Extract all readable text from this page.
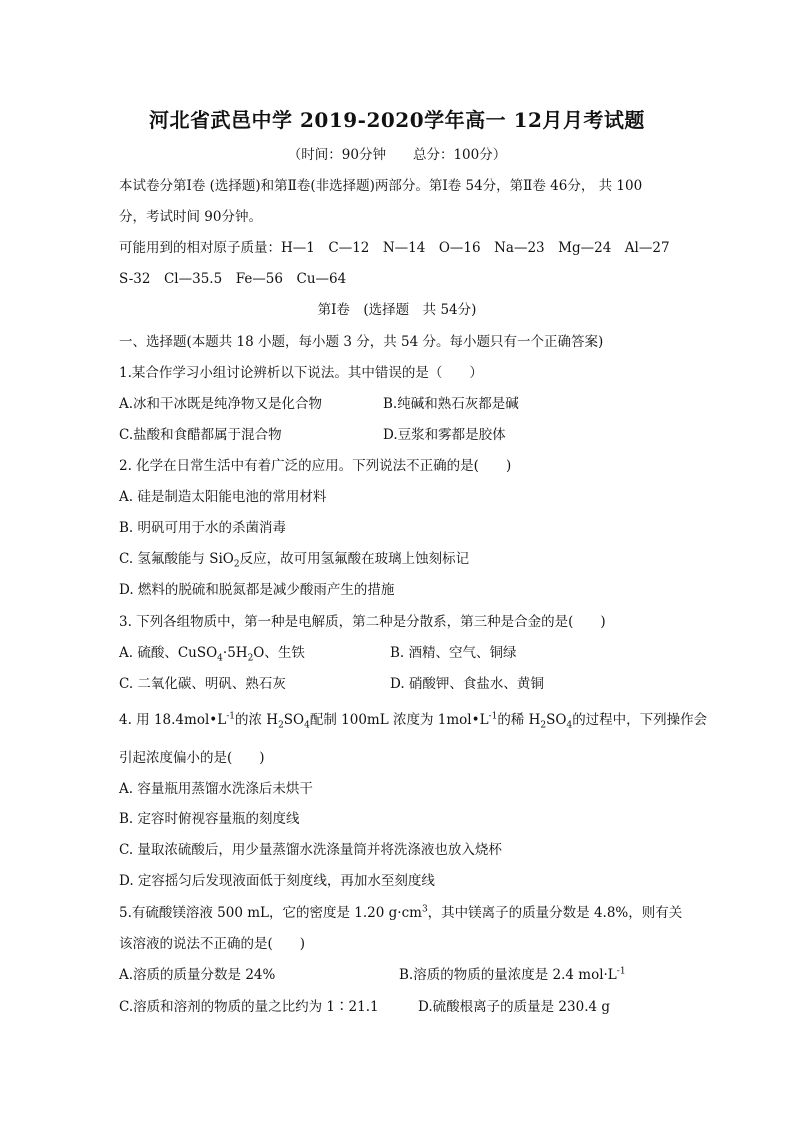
河北省武邑中学 2019-2020学年高一 12月月考试题
（时间：90分钟　　总分：100分）
本试卷分第Ⅰ卷 (选择题)和第Ⅱ卷(非选择题)两部分。第Ⅰ卷 54分，第Ⅱ卷 46分， 共 100
分，考试时间 90分钟。
可能用到的相对原子质量：H—1　C—12　N—14　O—16　Na—23　Mg—24　Al—27
S-32　Cl—35.5　Fe—56　Cu—64
第Ⅰ卷　(选择题　共 54分)
一、选择题(本题共 18 小题，每小题 3 分，共 54 分。每小题只有一个正确答案)
1.某合作学习小组讨论辨析以下说法。其中错误的是（　　）
A.冰和干冰既是纯净物又是化合物	B.纯碱和熟石灰都是碱
C.盐酸和食醋都属于混合物	D.豆浆和雾都是胶体
2. 化学在日常生活中有着广泛的应用。下列说法不正确的是(　　)
A. 硅是制造太阳能电池的常用材料
B. 明矾可用于水的杀菌消毒
C. 氢氟酸能与 SiO$_2$反应，故可用氢氟酸在玻璃上蚀刻标记
D. 燃料的脱硫和脱氮都是减少酸雨产生的措施
3. 下列各组物质中，第一种是电解质，第二种是分散系，第三种是合金的是(　　)
A. 硫酸、$CuSO_4\cdot 5H_2O$、生铁	B. 酒精、空气、铜绿
C. 二氧化碳、明矾、熟石灰	D. 硝酸钾、食盐水、黄铜
4. 用 $18.4mol•L^{-1}$的浓 $H_2SO_4$配制 100mL 浓度为 $1mol•L^{-1}$的稀 $H_2SO_4$的过程中，下列操作会
引起浓度偏小的是(　　)
A. 容量瓶用蒸馏水洗涤后未烘干
B. 定容时俯视容量瓶的刻度线
C. 量取浓硫酸后，用少量蒸馏水洗涤量筒并将洗涤液也放入烧杯
D. 定容摇匀后发现液面低于刻度线，再加水至刻度线
5.有硫酸镁溶液 500 mL，它的密度是 1.20 $g\cdot cm^3$，其中镁离子的质量分数是 4.8%，则有关
该溶液的说法不正确的是(　　)
A.溶质的质量分数是 24%	B.溶质的物质的量浓度是 2.4 $mol\cdot L^{-1}$
C.溶质和溶剂的物质的量之比约为 1∶21.1	D.硫酸根离子的质量是 230.4 g
